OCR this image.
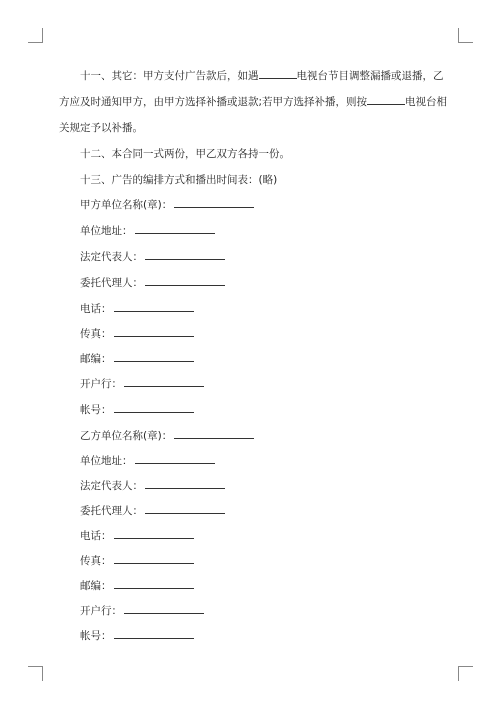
十一、其它：甲方支付广告款后，如遇	电视台节目调整漏播或退播，乙
方应及时通知甲方，由甲方选择补播或退款;若甲方选择补播，则按	电视台相
关规定予以补播。
十二、本合同一式两份，甲乙双方各持一份。
十三、广告的编排方式和播出时间表：(略)
甲方单位名称(章)：
单位地址：
法定代表人：
委托代理人：
电话：
传真：
邮编：
开户行：
帐号：
乙方单位名称(章)：
单位地址：
法定代表人：
委托代理人：
电话：
传真：
邮编：
开户行：
帐号：
